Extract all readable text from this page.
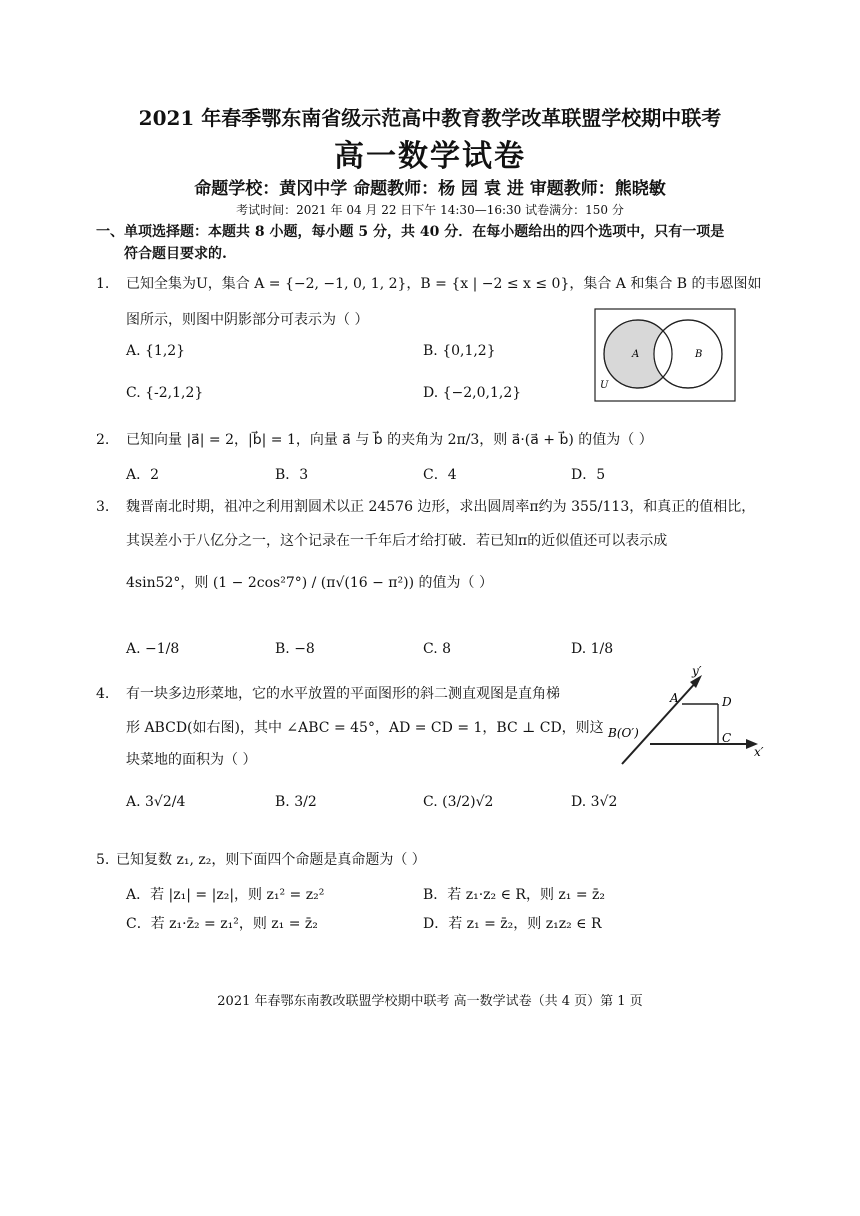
2021 年春季鄂东南省级示范高中教育教学改革联盟学校期中联考
高一数学试卷
命题学校：黄冈中学 命题教师：杨 园 袁 进 审题教师：熊晓敏
考试时间：2021 年 04 月 22 日下午 14:30—16:30 试卷满分：150 分
一、单项选择题：本题共 8 小题，每小题 5 分，共 40 分．在每小题给出的四个选项中，只有一项是
符合题目要求的.
1. 已知全集为U，集合 A = {−2, −1, 0, 1, 2}，B = {x | −2 ≤ x ≤ 0}，集合 A 和集合 B 的韦恩图如
图所示，则图中阴影部分可表示为（ ）
A. {1,2}	B. {0,1,2}
C. {-2,1,2}	D. {−2,0,1,2}
A	B
U
2. 已知向量 |a⃗| = 2，|b⃗| = 1，向量 a⃗ 与 b⃗ 的夹角为 2π/3，则 a⃗·(a⃗ + b⃗) 的值为（ ）
A．2	B．3	C．4	D．5
3. 魏晋南北时期，祖冲之利用割圆术以正 24576 边形，求出圆周率π约为 355/113，和真正的值相比，
其误差小于八亿分之一，这个记录在一千年后才给打破．若已知π的近似值还可以表示成
4sin52°，则 (1 − 2cos²7°) / (π√(16 − π²)) 的值为（ ）
A. −1/8	B. −8	C. 8	D. 1/8
4. 有一块多边形菜地，它的水平放置的平面图形的斜二测直观图是直角梯
形 ABCD(如右图)，其中 ∠ABC = 45°，AD = CD = 1，BC ⊥ CD，则这
块菜地的面积为（ ）
A. 3√2/4	B. 3/2	C. (3/2)√2	D. 3√2
y′
x′
A	D
B(O′)	C
5. 已知复数 z₁, z₂，则下面四个命题是真命题为（ ）
A．若 |z₁| = |z₂|，则 z₁² = z₂²	B．若 z₁·z₂ ∈ R，则 z₁ = z̄₂
C．若 z₁·z̄₂ = z₁²，则 z₁ = z̄₂	D．若 z₁ = z̄₂，则 z₁z₂ ∈ R
2021 年春鄂东南教改联盟学校期中联考 高一数学试卷（共 4 页）第 1 页
